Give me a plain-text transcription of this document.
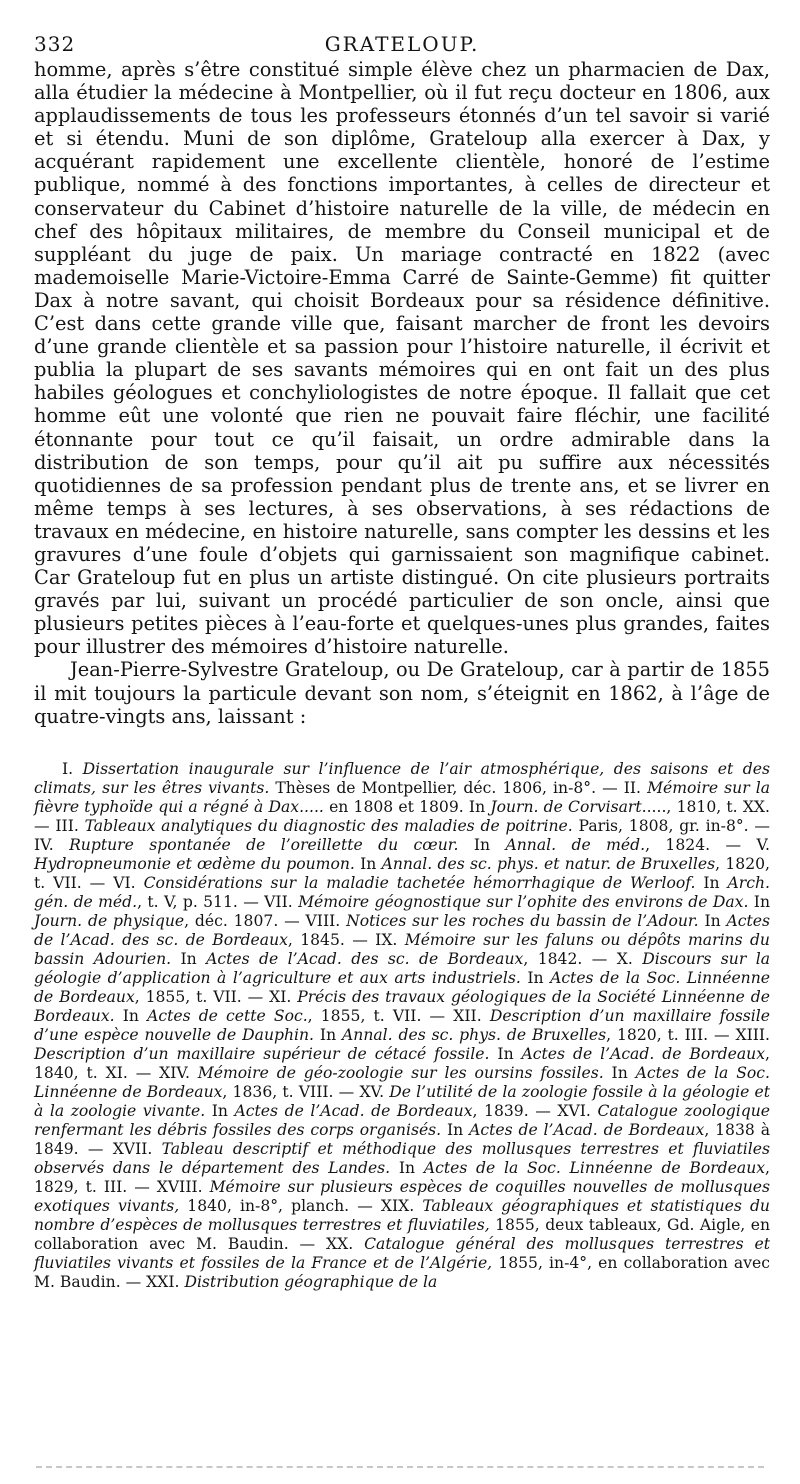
332	GRATELOUP.

homme, après s’être constitué simple élève chez un pharmacien de Dax, alla étudier la médecine à Montpellier, où il fut reçu docteur en 1806, aux applaudissements de tous les professeurs étonnés d’un tel savoir si varié et si étendu. Muni de son diplôme, Grateloup alla exercer à Dax, y acquérant rapidement une excellente clientèle, honoré de l’estime publique, nommé à des fonctions importantes, à celles de directeur et conservateur du Cabinet d’histoire naturelle de la ville, de médecin en chef des hôpitaux militaires, de membre du Conseil municipal et de suppléant du juge de paix. Un mariage contracté en 1822 (avec mademoiselle Marie-Victoire-Emma Carré de Sainte-Gemme) fit quitter Dax à notre savant, qui choisit Bordeaux pour sa résidence définitive. C’est dans cette grande ville que, faisant marcher de front les devoirs d’une grande clientèle et sa passion pour l’histoire naturelle, il écrivit et publia la plupart de ses savants mémoires qui en ont fait un des plus habiles géologues et conchyliologistes de notre époque. Il fallait que cet homme eût une volonté que rien ne pouvait faire fléchir, une facilité étonnante pour tout ce qu’il faisait, un ordre admirable dans la distribution de son temps, pour qu’il ait pu suffire aux nécessités quotidiennes de sa profession pendant plus de trente ans, et se livrer en même temps à ses lectures, à ses observations, à ses rédactions de travaux en médecine, en histoire naturelle, sans compter les dessins et les gravures d’une foule d’objets qui garnissaient son magnifique cabinet. Car Grateloup fut en plus un artiste distingué. On cite plusieurs portraits gravés par lui, suivant un procédé particulier de son oncle, ainsi que plusieurs petites pièces à l’eau-forte et quelques-unes plus grandes, faites pour illustrer des mémoires d’histoire naturelle.

Jean-Pierre-Sylvestre Grateloup, ou De Grateloup, car à partir de 1855 il mit toujours la particule devant son nom, s’éteignit en 1862, à l’âge de quatre-vingts ans, laissant :

I. Dissertation inaugurale sur l’influence de l’air atmosphérique, des saisons et des climats, sur les êtres vivants. Thèses de Montpellier, déc. 1806, in-8°. — II. Mémoire sur la fièvre typhoïde qui a régné à Dax..... en 1808 et 1809. In Journ. de Corvisart....., 1810, t. XX. — III. Tableaux analytiques du diagnostic des maladies de poitrine. Paris, 1808, gr. in-8°. — IV. Rupture spontanée de l’oreillette du cœur. In Annal. de méd., 1824. — V. Hydropneumonie et œdème du poumon. In Annal. des sc. phys. et natur. de Bruxelles, 1820, t. VII. — VI. Considérations sur la maladie tachetée hémorrhagique de Werloof. In Arch. gén. de méd., t. V, p. 511. — VII. Mémoire géognostique sur l’ophite des environs de Dax. In Journ. de physique, déc. 1807. — VIII. Notices sur les roches du bassin de l’Adour. In Actes de l’Acad. des sc. de Bordeaux, 1845. — IX. Mémoire sur les faluns ou dépôts marins du bassin Adourien. In Actes de l’Acad. des sc. de Bordeaux, 1842. — X. Discours sur la géologie d’application à l’agriculture et aux arts industriels. In Actes de la Soc. Linnéenne de Bordeaux, 1855, t. VII. — XI. Précis des travaux géologiques de la Société Linnéenne de Bordeaux. In Actes de cette Soc., 1855, t. VII. — XII. Description d’un maxillaire fossile d’une espèce nouvelle de Dauphin. In Annal. des sc. phys. de Bruxelles, 1820, t. III. — XIII. Description d’un maxillaire supérieur de cétacé fossile. In Actes de l’Acad. de Bordeaux, 1840, t. XI. — XIV. Mémoire de géo-zoologie sur les oursins fossiles. In Actes de la Soc. Linnéenne de Bordeaux, 1836, t. VIII. — XV. De l’utilité de la zoologie fossile à la géologie et à la zoologie vivante. In Actes de l’Acad. de Bordeaux, 1839. — XVI. Catalogue zoologique renfermant les débris fossiles des corps organisés. In Actes de l’Acad. de Bordeaux, 1838 à 1849. — XVII. Tableau descriptif et méthodique des mollusques terrestres et fluviatiles observés dans le département des Landes. In Actes de la Soc. Linnéenne de Bordeaux, 1829, t. III. — XVIII. Mémoire sur plusieurs espèces de coquilles nouvelles de mollusques exotiques vivants, 1840, in-8°, planch. — XIX. Tableaux géographiques et statistiques du nombre d’espèces de mollusques terrestres et fluviatiles, 1855, deux tableaux, Gd. Aigle, en collaboration avec M. Baudin. — XX. Catalogue général des mollusques terrestres et fluviatiles vivants et fossiles de la France et de l’Algérie, 1855, in-4°, en collaboration avec M. Baudin. — XXI. Distribution géographique de la
